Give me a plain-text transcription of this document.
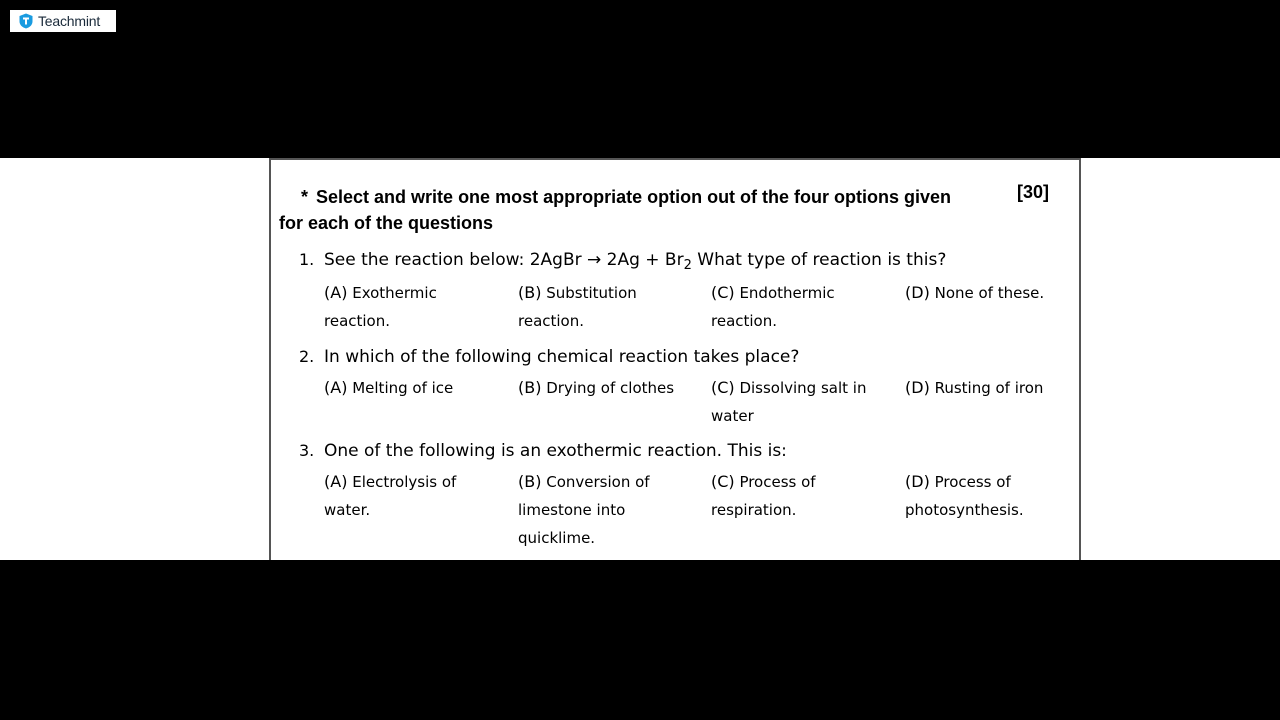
Teachmint
* Select and write one most appropriate option out of the four options given for each of the questions
[30]
1. See the reaction below: 2AgBr → $2Ag + Br_2$ What type of reaction is this?
(A) Exothermic reaction.
(B) Substitution reaction.
(C) Endothermic reaction.
(D) None of these.
2. In which of the following chemical reaction takes place?
(A) Melting of ice	(B) Drying of clothes	(C) Dissolving salt in water
(D) Rusting of iron
3. One of the following is an exothermic reaction. This is:
(A) Electrolysis of water.
(B) Conversion of limestone into quicklime.
(C) Process of respiration.
(D) Process of photosynthesis.
